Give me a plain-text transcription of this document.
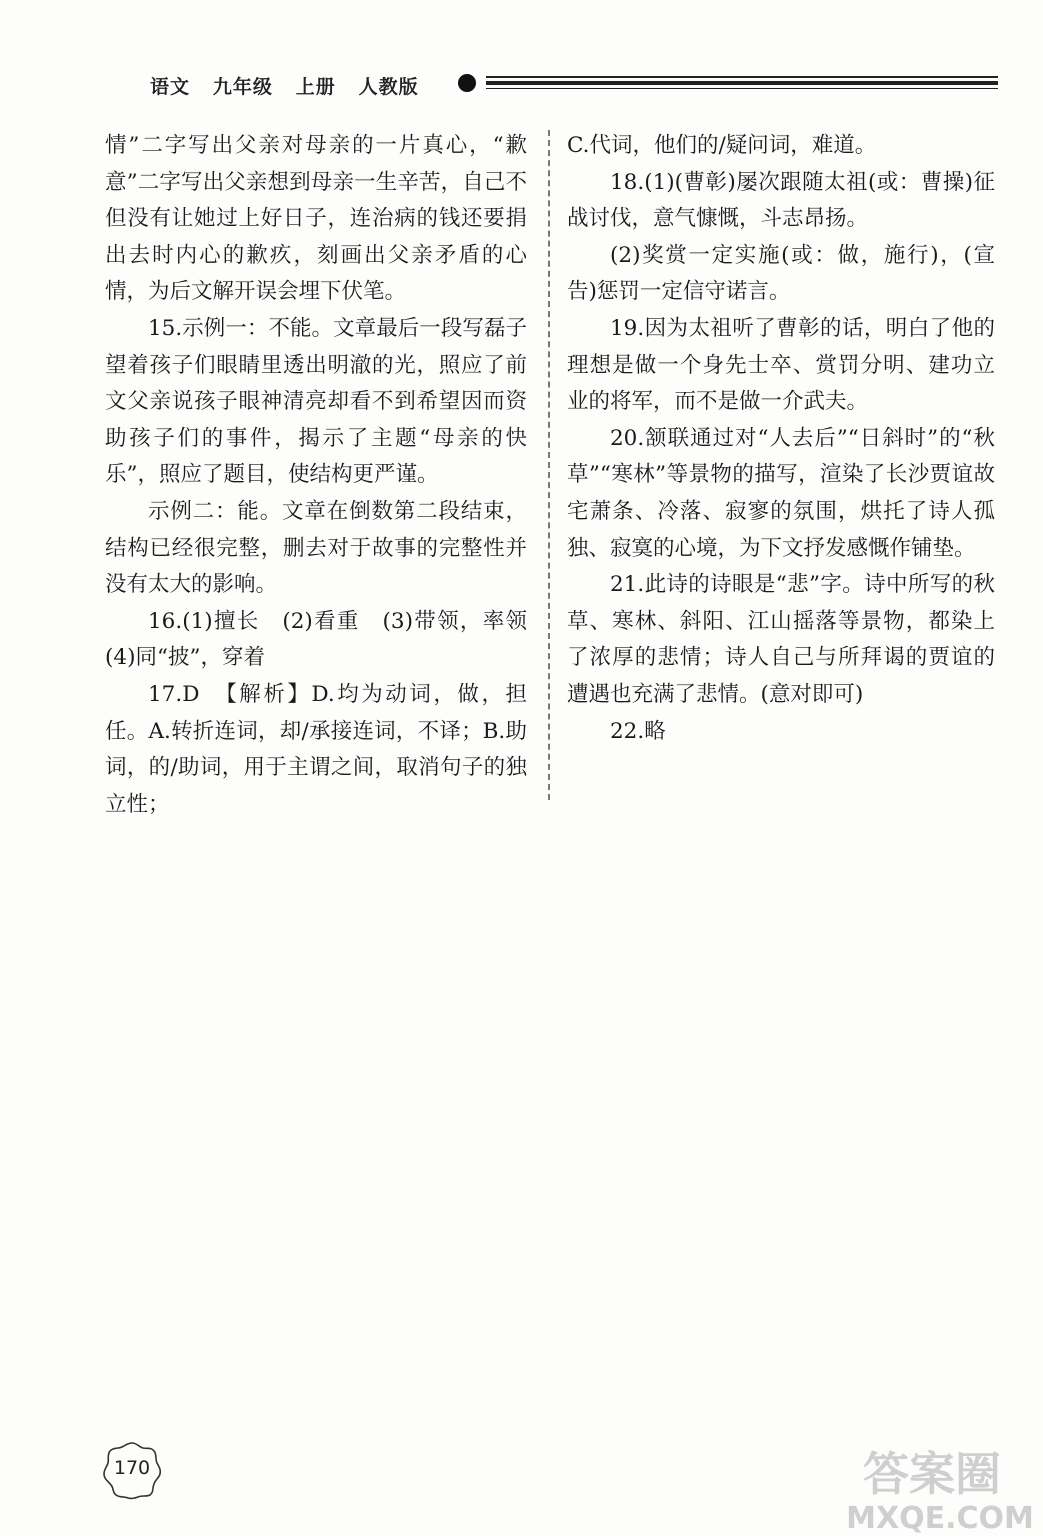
语文 九年级 上册 人教版

情”二字写出父亲对母亲的一片真心，“歉意”二字写出父亲想到母亲一生辛苦，自己不但没有让她过上好日子，连治病的钱还要捐出去时内心的歉疚，刻画出父亲矛盾的心情，为后文解开误会埋下伏笔。

15.示例一：不能。文章最后一段写磊子望着孩子们眼睛里透出明澈的光，照应了前文父亲说孩子眼神清亮却看不到希望因而资助孩子们的事件，揭示了主题“母亲的快乐”，照应了题目，使结构更严谨。

示例二：能。文章在倒数第二段结束，结构已经很完整，删去对于故事的完整性并没有太大的影响。

16.(1)擅长　(2)看重　(3)带领，率领　(4)同“披”，穿着

17.D　【解析】D.均为动词，做，担任。A.转折连词，却/承接连词，不译；B.助词，的/助词，用于主谓之间，取消句子的独立性；

C.代词，他们的/疑问词，难道。

18.(1)(曹彰)屡次跟随太祖(或：曹操)征战讨伐，意气慷慨，斗志昂扬。

(2)奖赏一定实施(或：做，施行)，(宣告)惩罚一定信守诺言。

19.因为太祖听了曹彰的话，明白了他的理想是做一个身先士卒、赏罚分明、建功立业的将军，而不是做一介武夫。

20.颔联通过对“人去后”“日斜时”的“秋草”“寒林”等景物的描写，渲染了长沙贾谊故宅萧条、冷落、寂寥的氛围，烘托了诗人孤独、寂寞的心境，为下文抒发感慨作铺垫。

21.此诗的诗眼是“悲”字。诗中所写的秋草、寒林、斜阳、江山摇落等景物，都染上了浓厚的悲情；诗人自己与所拜谒的贾谊的遭遇也充满了悲情。(意对即可)

22.略

170	答案圈
MXQE.COM
